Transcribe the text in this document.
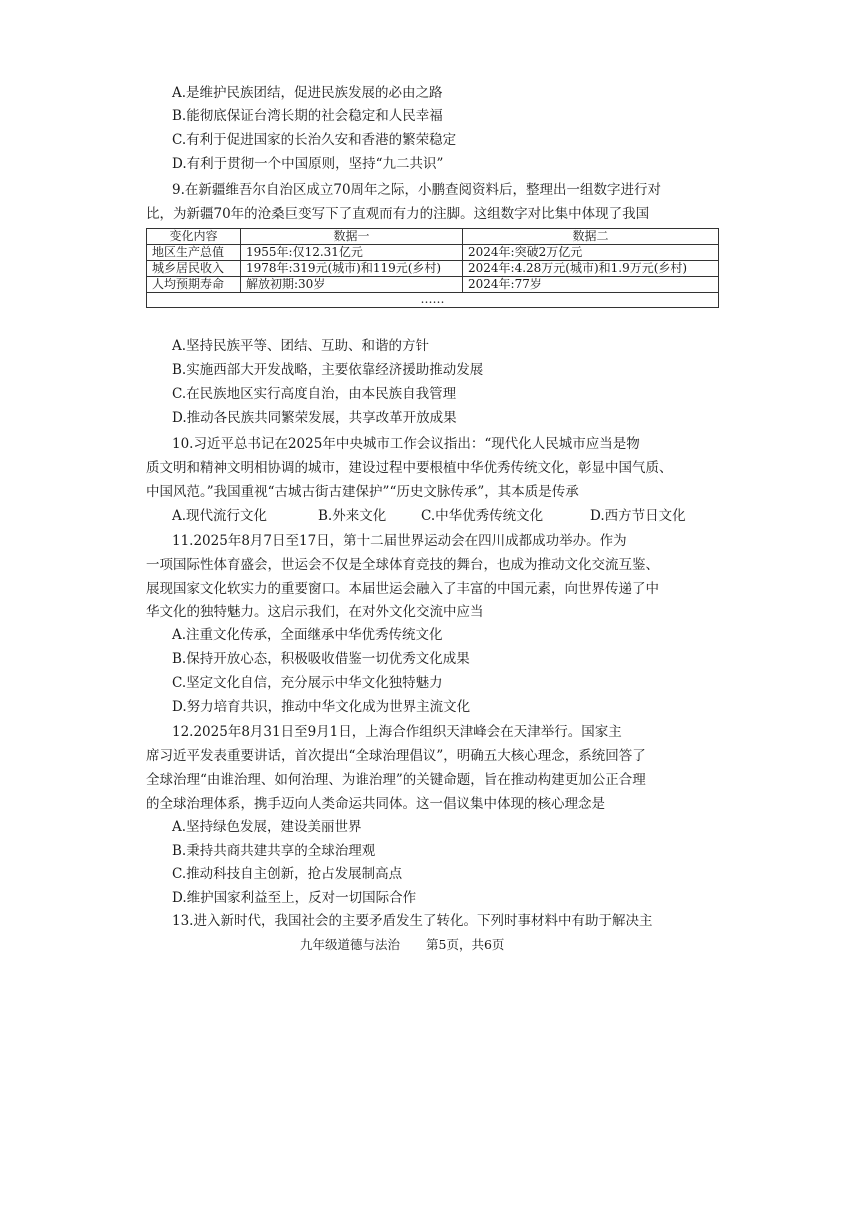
A.是维护民族团结，促进民族发展的必由之路
B.能彻底保证台湾长期的社会稳定和人民幸福
C.有利于促进国家的长治久安和香港的繁荣稳定
D.有利于贯彻一个中国原则，坚持“九二共识”
9.在新疆维吾尔自治区成立70周年之际，小鹏查阅资料后，整理出一组数字进行对
比，为新疆70年的沧桑巨变写下了直观而有力的注脚。这组数字对比集中体现了我国
变化内容	数据一	数据二
地区生产总值	1955年:仅12.31亿元	2024年:突破2万亿元
城乡居民收入	1978年:319元(城市)和119元(乡村)	2024年:4.28万元(城市)和1.9万元(乡村)
人均预期寿命	解放初期:30岁	2024年:77岁
……		
A.坚持民族平等、团结、互助、和谐的方针
B.实施西部大开发战略，主要依靠经济援助推动发展
C.在民族地区实行高度自治，由本民族自我管理
D.推动各民族共同繁荣发展，共享改革开放成果
10.习近平总书记在2025年中央城市工作会议指出：“现代化人民城市应当是物
质文明和精神文明相协调的城市，建设过程中要根植中华优秀传统文化，彰显中国气质、
中国风范。”我国重视“古城古街古建保护”“历史文脉传承”，其本质是传承
A.现代流行文化	B.外来文化	C.中华优秀传统文化	D.西方节日文化
11.2025年8月7日至17日，第十二届世界运动会在四川成都成功举办。作为
一项国际性体育盛会，世运会不仅是全球体育竞技的舞台，也成为推动文化交流互鉴、
展现国家文化软实力的重要窗口。本届世运会融入了丰富的中国元素，向世界传递了中
华文化的独特魅力。这启示我们，在对外文化交流中应当
A.注重文化传承，全面继承中华优秀传统文化
B.保持开放心态，积极吸收借鉴一切优秀文化成果
C.坚定文化自信，充分展示中华文化独特魅力
D.努力培育共识，推动中华文化成为世界主流文化
12.2025年8月31日至9月1日，上海合作组织天津峰会在天津举行。国家主
席习近平发表重要讲话，首次提出“全球治理倡议”，明确五大核心理念，系统回答了
全球治理“由谁治理、如何治理、为谁治理”的关键命题，旨在推动构建更加公正合理
的全球治理体系，携手迈向人类命运共同体。这一倡议集中体现的核心理念是
A.坚持绿色发展，建设美丽世界
B.秉持共商共建共享的全球治理观
C.推动科技自主创新，抢占发展制高点
D.维护国家利益至上，反对一切国际合作
13.进入新时代，我国社会的主要矛盾发生了转化。下列时事材料中有助于解决主
九年级道德与法治 第5页，共6页
